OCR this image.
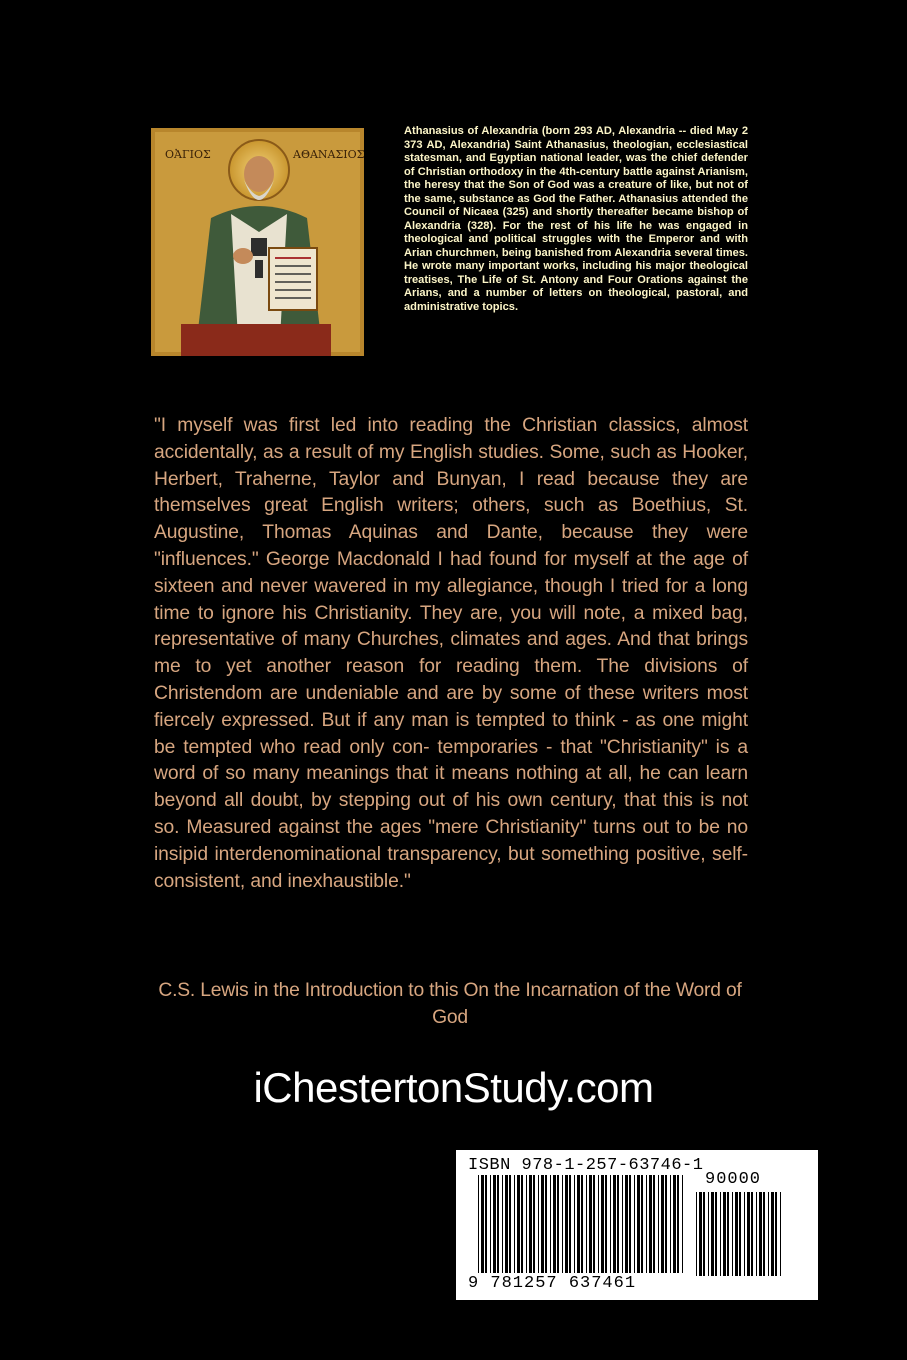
ΟἈΓΙΟΣ	ΑΘΑΝΑΣΙΟΣ

Athanasius of Alexandria (born 293 AD, Alexandria -- died May 2 373 AD, Alexandria) Saint Athanasius, theologian, ecclesiastical statesman, and Egyptian national leader, was the chief defender of Christian orthodoxy in the 4th-century battle against Arianism, the heresy that the Son of God was a creature of like, but not of the same, substance as God the Father. Athanasius attended the Council of Nicaea (325) and shortly thereafter became bishop of Alexandria (328). For the rest of his life he was engaged in theological and political struggles with the Emperor and with Arian churchmen, being banished from Alexandria several times. He wrote many important works, including his major theological treatises, The Life of St. Antony and Four Orations against the Arians, and a number of letters on theological, pastoral, and administrative topics.

"I myself was first led into reading the Christian classics, almost accidentally, as a result of my English studies. Some, such as Hooker, Herbert, Traherne, Taylor and Bunyan, I read because they are themselves great English writers; others, such as Boethius, St. Augustine, Thomas Aquinas and Dante, because they were "influences." George Macdonald I had found for myself at the age of sixteen and never wavered in my allegiance, though I tried for a long time to ignore his Christianity. They are, you will note, a mixed bag, representative of many Churches, climates and ages. And that brings me to yet another reason for reading them. The divisions of Christendom are undeniable and are by some of these writers most fiercely expressed. But if any man is tempted to think - as one might be tempted who read only con- temporaries - that "Christianity" is a word of so many meanings that it means nothing at all, he can learn beyond all doubt, by stepping out of his own century, that this is not so. Measured against the ages "mere Christianity" turns out to be no insipid interdenominational transparency, but something positive, self-consistent, and inexhaustible."

C.S. Lewis in the Introduction to this On the Incarnation of the Word of God

iChestertonStudy.com

ISBN 978-1-257-63746-1
90000
9 781257 637461
